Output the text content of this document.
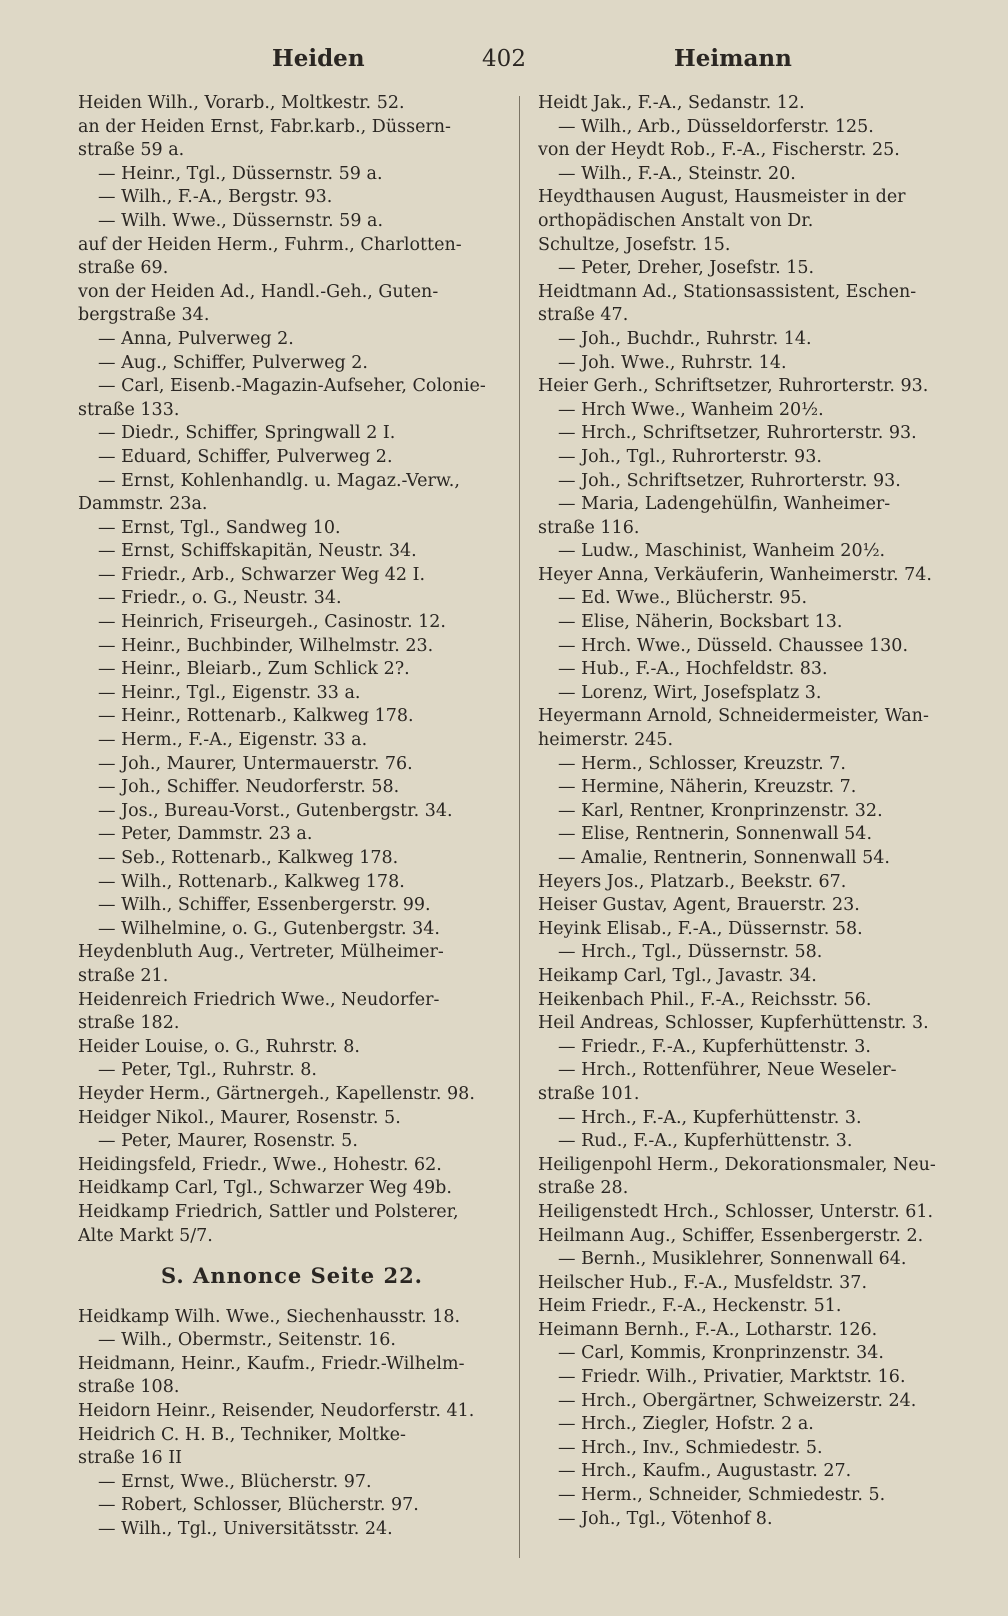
402
Heiden	Heimann
Heiden Wilh., Vorarb., Moltkestr. 52.
an der Heiden Ernst, Fabr.karb., Düssern-
straße 59 a.
— Heinr., Tgl., Düssernstr. 59 a.
— Wilh., F.-A., Bergstr. 93.
— Wilh. Wwe., Düssernstr. 59 a.
auf der Heiden Herm., Fuhrm., Charlotten-
straße 69.
von der Heiden Ad., Handl.-Geh., Guten-
bergstraße 34.
— Anna, Pulverweg 2.
— Aug., Schiffer, Pulverweg 2.
— Carl, Eisenb.-Magazin-Aufseher, Colonie-
straße 133.
— Diedr., Schiffer, Springwall 2 I.
— Eduard, Schiffer, Pulverweg 2.
— Ernst, Kohlenhandlg. u. Magaz.-Verw.,
Dammstr. 23a.
— Ernst, Tgl., Sandweg 10.
— Ernst, Schiffskapitän, Neustr. 34.
— Friedr., Arb., Schwarzer Weg 42 I.
— Friedr., o. G., Neustr. 34.
— Heinrich, Friseurgeh., Casinostr. 12.
— Heinr., Buchbinder, Wilhelmstr. 23.
— Heinr., Bleiarb., Zum Schlick 2?.
— Heinr., Tgl., Eigenstr. 33 a.
— Heinr., Rottenarb., Kalkweg 178.
— Herm., F.-A., Eigenstr. 33 a.
— Joh., Maurer, Untermauerstr. 76.
— Joh., Schiffer. Neudorferstr. 58.
— Jos., Bureau-Vorst., Gutenbergstr. 34.
— Peter, Dammstr. 23 a.
— Seb., Rottenarb., Kalkweg 178.
— Wilh., Rottenarb., Kalkweg 178.
— Wilh., Schiffer, Essenbergerstr. 99.
— Wilhelmine, o. G., Gutenbergstr. 34.
Heydenbluth Aug., Vertreter, Mülheimer-
straße 21.
Heidenreich Friedrich Wwe., Neudorfer-
straße 182.
Heider Louise, o. G., Ruhrstr. 8.
— Peter, Tgl., Ruhrstr. 8.
Heyder Herm., Gärtnergeh., Kapellenstr. 98.
Heidger Nikol., Maurer, Rosenstr. 5.
— Peter, Maurer, Rosenstr. 5.
Heidingsfeld, Friedr., Wwe., Hohestr. 62.
Heidkamp Carl, Tgl., Schwarzer Weg 49b.
Heidkamp Friedrich, Sattler und Polsterer,
Alte Markt 5/7.
S. Annonce Seite 22.
Heidkamp Wilh. Wwe., Siechenhausstr. 18.
— Wilh., Obermstr., Seitenstr. 16.
Heidmann, Heinr., Kaufm., Friedr.-Wilhelm-
straße 108.
Heidorn Heinr., Reisender, Neudorferstr. 41.
Heidrich C. H. B., Techniker, Moltke-
straße 16 II
— Ernst, Wwe., Blücherstr. 97.
— Robert, Schlosser, Blücherstr. 97.
— Wilh., Tgl., Universitätsstr. 24.
Heidt Jak., F.-A., Sedanstr. 12.
— Wilh., Arb., Düsseldorferstr. 125.
von der Heydt Rob., F.-A., Fischerstr. 25.
— Wilh., F.-A., Steinstr. 20.
Heydthausen August, Hausmeister in der
orthopädischen Anstalt von Dr.
Schultze, Josefstr. 15.
— Peter, Dreher, Josefstr. 15.
Heidtmann Ad., Stationsassistent, Eschen-
straße 47.
— Joh., Buchdr., Ruhrstr. 14.
— Joh. Wwe., Ruhrstr. 14.
Heier Gerh., Schriftsetzer, Ruhrorterstr. 93.
— Hrch Wwe., Wanheim 20½.
— Hrch., Schriftsetzer, Ruhrorterstr. 93.
— Joh., Tgl., Ruhrorterstr. 93.
— Joh., Schriftsetzer, Ruhrorterstr. 93.
— Maria, Ladengehülfin, Wanheimer-
straße 116.
— Ludw., Maschinist, Wanheim 20½.
Heyer Anna, Verkäuferin, Wanheimerstr. 74.
— Ed. Wwe., Blücherstr. 95.
— Elise, Näherin, Bocksbart 13.
— Hrch. Wwe., Düsseld. Chaussee 130.
— Hub., F.-A., Hochfeldstr. 83.
— Lorenz, Wirt, Josefsplatz 3.
Heyermann Arnold, Schneidermeister, Wan-
heimerstr. 245.
— Herm., Schlosser, Kreuzstr. 7.
— Hermine, Näherin, Kreuzstr. 7.
— Karl, Rentner, Kronprinzenstr. 32.
— Elise, Rentnerin, Sonnenwall 54.
— Amalie, Rentnerin, Sonnenwall 54.
Heyers Jos., Platzarb., Beekstr. 67.
Heiser Gustav, Agent, Brauerstr. 23.
Heyink Elisab., F.-A., Düssernstr. 58.
— Hrch., Tgl., Düssernstr. 58.
Heikamp Carl, Tgl., Javastr. 34.
Heikenbach Phil., F.-A., Reichsstr. 56.
Heil Andreas, Schlosser, Kupferhüttenstr. 3.
— Friedr., F.-A., Kupferhüttenstr. 3.
— Hrch., Rottenführer, Neue Weseler-
straße 101.
— Hrch., F.-A., Kupferhüttenstr. 3.
— Rud., F.-A., Kupferhüttenstr. 3.
Heiligenpohl Herm., Dekorationsmaler, Neu-
straße 28.
Heiligenstedt Hrch., Schlosser, Unterstr. 61.
Heilmann Aug., Schiffer, Essenbergerstr. 2.
— Bernh., Musiklehrer, Sonnenwall 64.
Heilscher Hub., F.-A., Musfeldstr. 37.
Heim Friedr., F.-A., Heckenstr. 51.
Heimann Bernh., F.-A., Lotharstr. 126.
— Carl, Kommis, Kronprinzenstr. 34.
— Friedr. Wilh., Privatier, Marktstr. 16.
— Hrch., Obergärtner, Schweizerstr. 24.
— Hrch., Ziegler, Hofstr. 2 a.
— Hrch., Inv., Schmiedestr. 5.
— Hrch., Kaufm., Augustastr. 27.
— Herm., Schneider, Schmiedestr. 5.
— Joh., Tgl., Vötenhof 8.
